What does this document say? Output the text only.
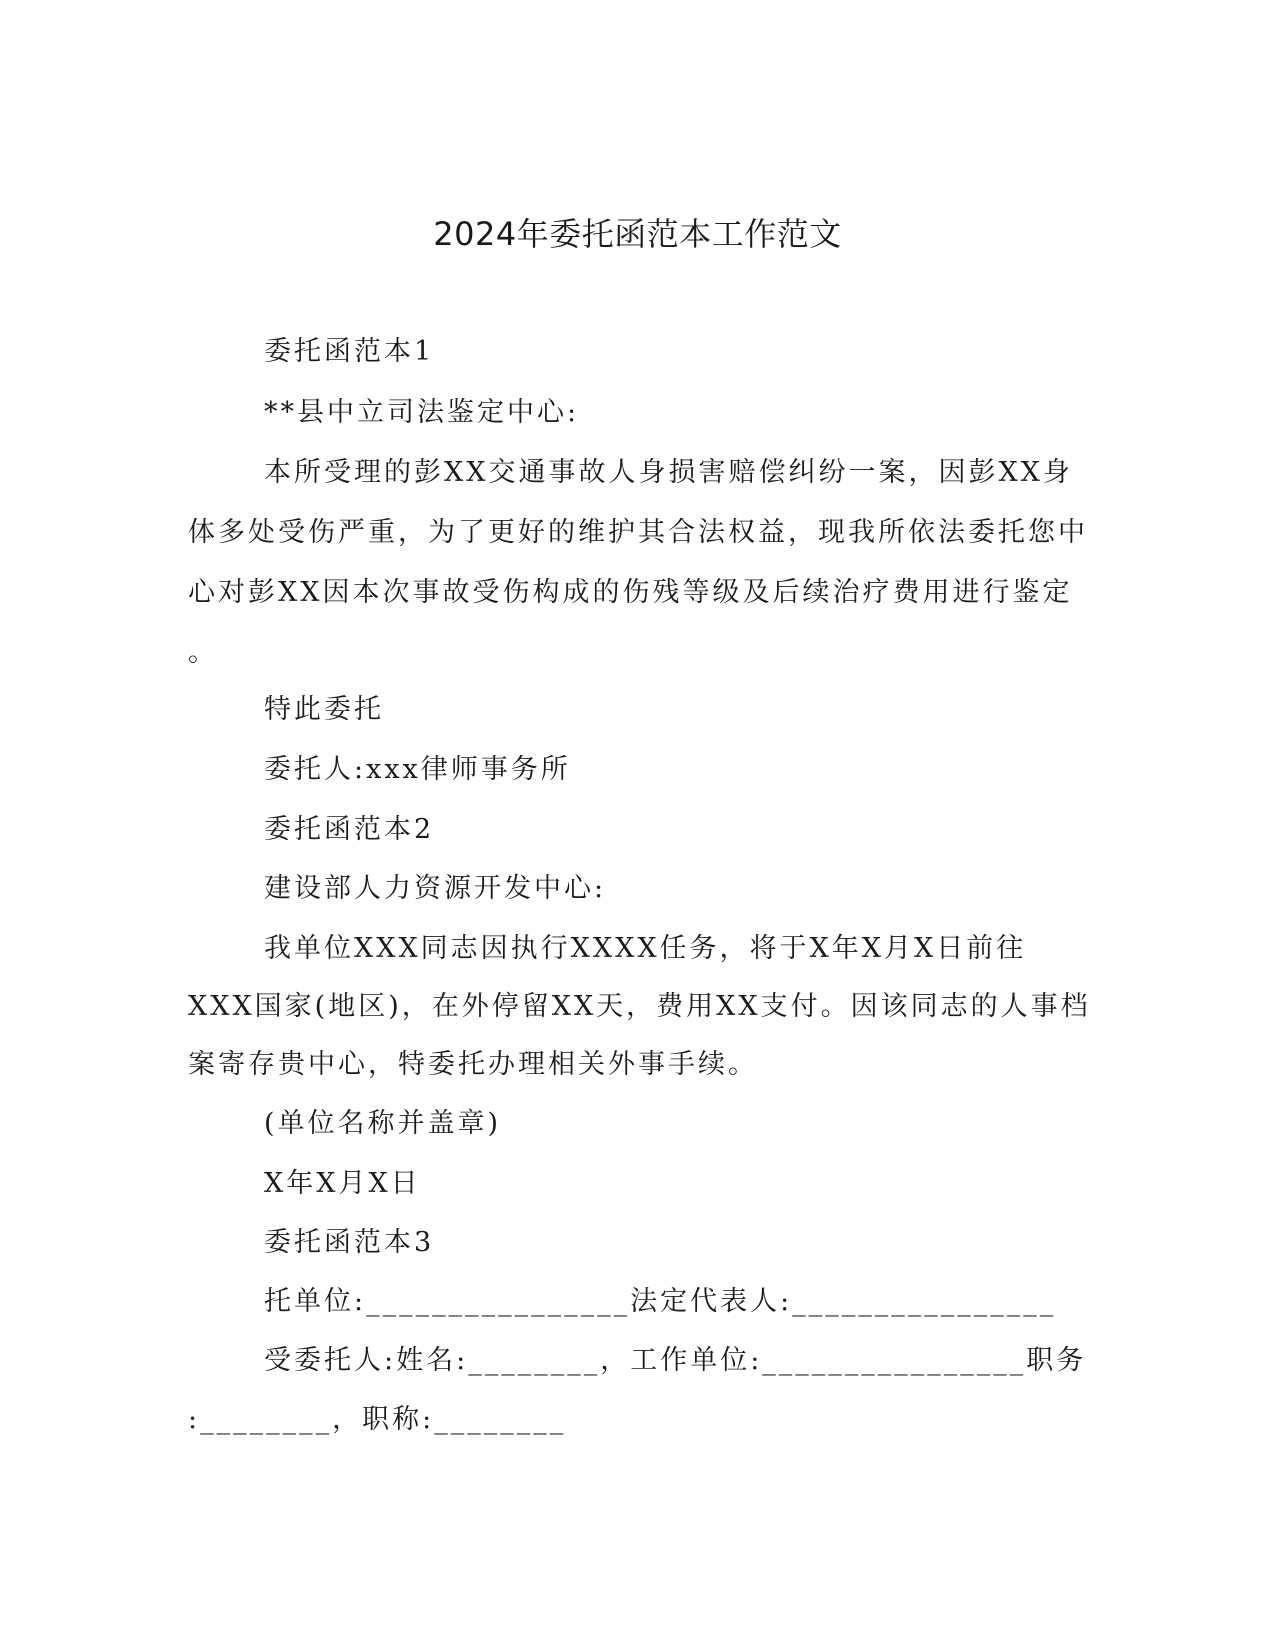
2024年委托函范本工作范文

委托函范本1

**县中立司法鉴定中心:

本所受理的彭XX交通事故人身损害赔偿纠纷一案，因彭XX身

体多处受伤严重，为了更好的维护其合法权益，现我所依法委托您中

心对彭XX因本次事故受伤构成的伤残等级及后续治疗费用进行鉴定

。

特此委托

委托人:xxx律师事务所

委托函范本2

建设部人力资源开发中心:

我单位XXX同志因执行XXXX任务，将于X年X月X日前往

XXX国家(地区)，在外停留XX天，费用XX支付。因该同志的人事档

案寄存贵中心，特委托办理相关外事手续。

(单位名称并盖章)

X年X月X日

委托函范本3

托单位:________________法定代表人:________________

受委托人:姓名:________，工作单位:________________职务

:________，职称:________
